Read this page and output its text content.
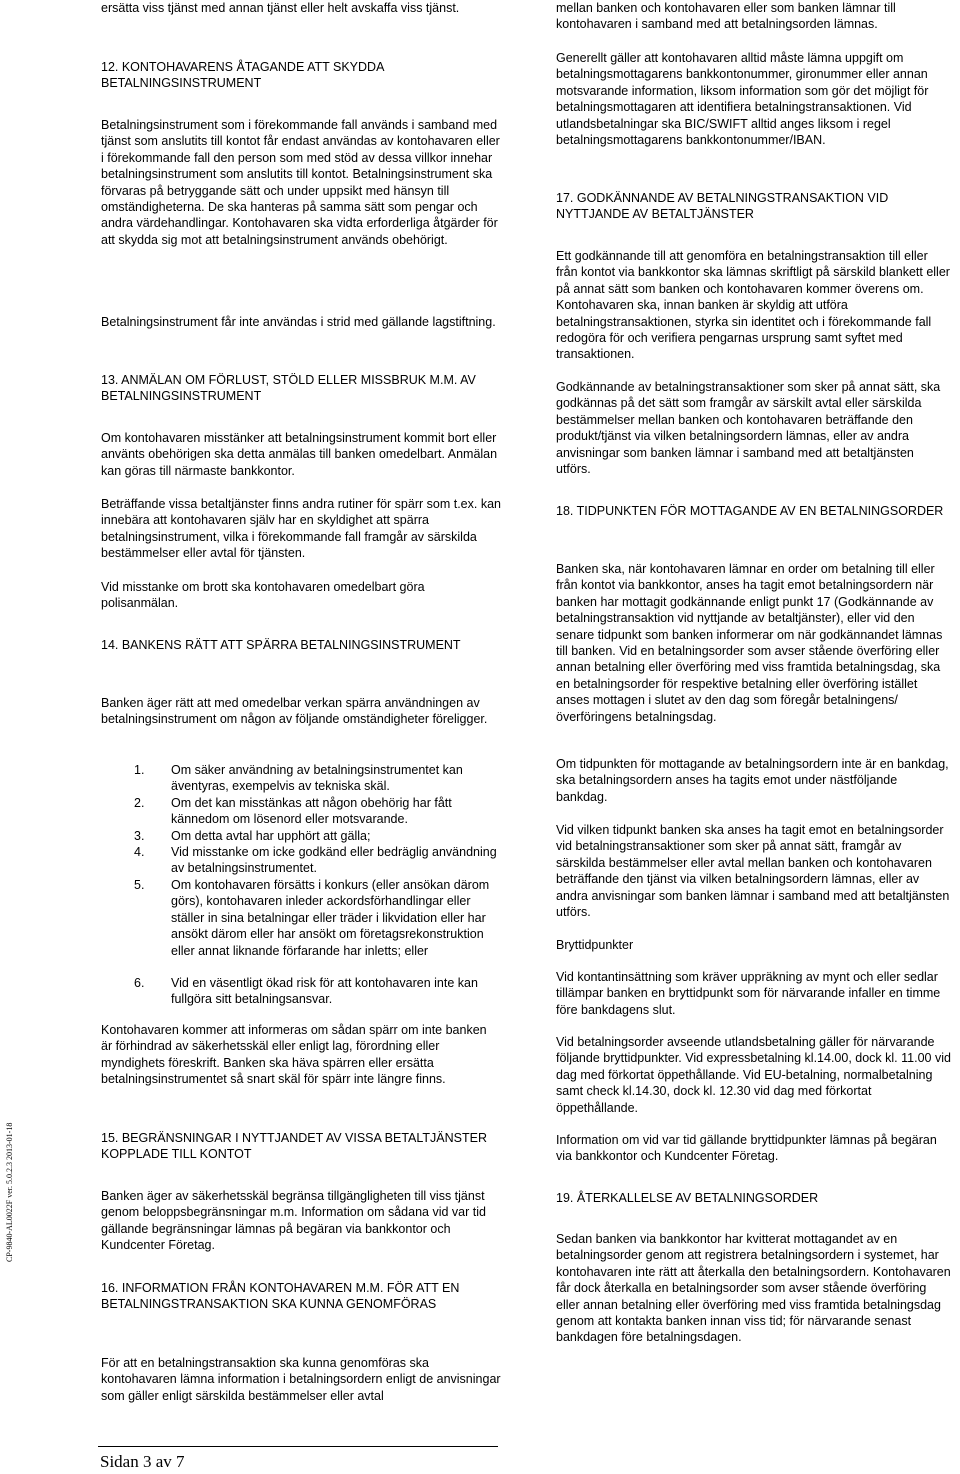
CP-9840-AL0022F ver. 5.0.2.3 2013-01-18

ersätta viss tjänst med annan tjänst eller helt avskaffa viss tjänst.

12. KONTOHAVARENS ÅTAGANDE ATT SKYDDA BETALNINGSINSTRUMENT

Betalningsinstrument som i förekommande fall används i samband med tjänst som anslutits till kontot får endast användas av kontohavaren eller i förekommande fall den person som med stöd av dessa villkor innehar betalningsinstrument som anslutits till kontot. Betalningsinstrument ska förvaras på betryggande sätt och under uppsikt med hänsyn till omständigheterna. De ska hanteras på samma sätt som pengar och andra värdehandlingar. Kontohavaren ska vidta erforderliga åtgärder för att skydda sig mot att betalningsinstrument används obehörigt.

Betalningsinstrument får inte användas i strid med gällande lagstiftning.

13. ANMÄLAN OM FÖRLUST, STÖLD ELLER MISSBRUK M.M. AV BETALNINGSINSTRUMENT

Om kontohavaren misstänker att betalningsinstrument kommit bort eller använts obehörigen ska detta anmälas till banken omedelbart. Anmälan kan göras till närmaste bankkontor.

Beträffande vissa betaltjänster finns andra rutiner för spärr som t.ex. kan innebära att kontohavaren själv har en skyldighet att spärra betalningsinstrument, vilka i förekommande fall framgår av särskilda bestämmelser eller avtal för tjänsten.

Vid misstanke om brott ska kontohavaren omedelbart göra polisanmälan.

14. BANKENS RÄTT ATT SPÄRRA BETALNINGSINSTRUMENT

Banken äger rätt att med omedelbar verkan spärra användningen av betalningsinstrument om någon av följande omständigheter föreligger.

1. Om säker användning av betalningsinstrumentet kan äventyras, exempelvis av tekniska skäl.
2. Om det kan misstänkas att någon obehörig har fått kännedom om lösenord eller motsvarande.
3. Om detta avtal har upphört att gälla;
4. Vid misstanke om icke godkänd eller bedräglig användning av betalningsinstrumentet.
5. Om kontohavaren försätts i konkurs (eller ansökan därom görs), kontohavaren inleder ackordsförhandlingar eller ställer in sina betalningar eller träder i likvidation eller har ansökt därom eller har ansökt om företagsrekonstruktion eller annat liknande förfarande har inletts; eller
6. Vid en väsentligt ökad risk för att kontohavaren inte kan fullgöra sitt betalningsansvar.

Kontohavaren kommer att informeras om sådan spärr om inte banken är förhindrad av säkerhetsskäl eller enligt lag, förordning eller myndighets föreskrift. Banken ska häva spärren eller ersätta betalningsinstrumentet så snart skäl för spärr inte längre finns.

15. BEGRÄNSNINGAR I NYTTJANDET AV VISSA BETALTJÄNSTER KOPPLADE TILL KONTOT

Banken äger av säkerhetsskäl begränsa tillgängligheten till viss tjänst genom beloppsbegränsningar m.m. Information om sådana vid var tid gällande begränsningar lämnas på begäran via bankkontor och Kundcenter Företag.

16. INFORMATION FRÅN KONTOHAVAREN M.M. FÖR ATT EN BETALNINGSTRANSAKTION SKA KUNNA GENOMFÖRAS

För att en betalningstransaktion ska kunna genomföras ska kontohavaren lämna information i betalningsordern enligt de anvisningar som gäller enligt särskilda bestämmelser eller avtal

mellan banken och kontohavaren eller som banken lämnar till kontohavaren i samband med att betalningsorden lämnas.

Generellt gäller att kontohavaren alltid måste lämna uppgift om betalningsmottagarens bankkontonummer, gironummer eller annan motsvarande information, liksom information som gör det möjligt för betalningsmottagaren att identifiera betalningstransaktionen. Vid utlandsbetalningar ska BIC/SWIFT alltid anges liksom i regel betalningsmottagarens bankkontonummer/IBAN.

17. GODKÄNNANDE AV BETALNINGSTRANSAKTION VID NYTTJANDE AV BETALTJÄNSTER

Ett godkännande till att genomföra en betalningstransaktion till eller från kontot via bankkontor ska lämnas skriftligt på särskild blankett eller på annat sätt som banken och kontohavaren kommer överens om. Kontohavaren ska, innan banken är skyldig att utföra betalningstransaktionen, styrka sin identitet och i förekommande fall redogöra för och verifiera pengarnas ursprung samt syftet med transaktionen.

Godkännande av betalningstransaktioner som sker på annat sätt, ska godkännas på det sätt som framgår av särskilt avtal eller särskilda bestämmelser mellan banken och kontohavaren beträffande den produkt/tjänst via vilken betalningsordern lämnas, eller av andra anvisningar som banken lämnar i samband med att betaltjänsten utförs.

18. TIDPUNKTEN FÖR MOTTAGANDE AV EN BETALNINGSORDER

Banken ska, när kontohavaren lämnar en order om betalning till eller från kontot via bankkontor, anses ha tagit emot betalningsordern när banken har mottagit godkännande enligt punkt 17 (Godkännande av betalningstransaktion vid nyttjande av betaltjänster), eller vid den senare tidpunkt som banken informerar om när godkännandet lämnas till banken. Vid en betalningsorder som avser stående överföring eller annan betalning eller överföring med viss framtida betalningsdag, ska en betalningsorder för respektive betalning eller överföring istället anses mottagen i slutet av den dag som föregår betalningens/överföringens betalningsdag.

Om tidpunkten för mottagande av betalningsordern inte är en bankdag, ska betalningsordern anses ha tagits emot under nästföljande bankdag.

Vid vilken tidpunkt banken ska anses ha tagit emot en betalningsorder vid betalningstransaktioner som sker på annat sätt, framgår av särskilda bestämmelser eller avtal mellan banken och kontohavaren beträffande den tjänst via vilken betalningsordern lämnas, eller av andra anvisningar som banken lämnar i samband med att betaltjänsten utförs.

Bryttidpunkter

Vid kontantinsättning som kräver uppräkning av mynt och eller sedlar tillämpar banken en bryttidpunkt som för närvarande infaller en timme före bankdagens slut.

Vid betalningsorder avseende utlandsbetalning gäller för närvarande följande bryttidpunkter. Vid expressbetalning kl.14.00, dock kl. 11.00 vid dag med förkortat öppethållande. Vid EU-betalning, normalbetalning samt check kl.14.30, dock kl. 12.30 vid dag med förkortat öppethållande.

Information om vid var tid gällande bryttidpunkter lämnas på begäran via bankkontor och Kundcenter Företag.

19. ÅTERKALLELSE AV BETALNINGSORDER

Sedan banken via bankkontor har kvitterat mottagandet av en betalningsorder genom att registrera betalningsordern i systemet, har kontohavaren inte rätt att återkalla den betalningsordern. Kontohavaren får dock återkalla en betalningsorder som avser stående överföring eller annan betalning eller överföring med viss framtida betalningsdag genom att kontakta banken innan viss tid; för närvarande senast bankdagen före betalningsdagen.

Sidan 3 av 7
